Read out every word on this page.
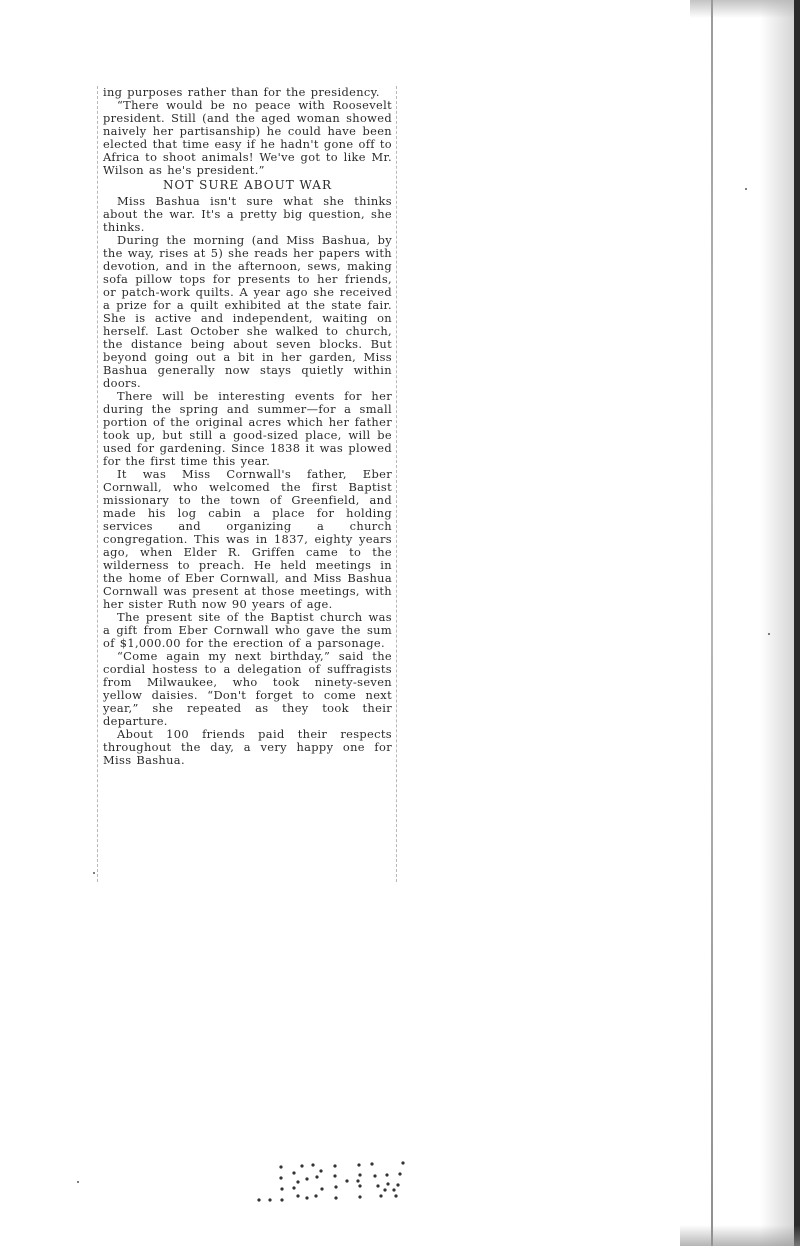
ing purposes rather than for the presidency.

“There would be no peace with Roosevelt president. Still (and the aged woman showed naively her partisanship) he could have been elected that time easy if he hadn't gone off to Africa to shoot animals! We've got to like Mr. Wilson as he's president.”

NOT SURE ABOUT WAR

Miss Bashua isn't sure what she thinks about the war. It's a pretty big question, she thinks.

During the morning (and Miss Bashua, by the way, rises at 5) she reads her papers with devotion, and in the afternoon, sews, making sofa pillow tops for presents to her friends, or patch-work quilts. A year ago she received a prize for a quilt exhibited at the state fair. She is active and independent, waiting on herself. Last October she walked to church, the distance being about seven blocks. But beyond going out a bit in her garden, Miss Bashua generally now stays quietly within doors.

There will be interesting events for her during the spring and summer—for a small portion of the original acres which her father took up, but still a good-sized place, will be used for gardening. Since 1838 it was plowed for the first time this year.

It was Miss Cornwall's father, Eber Cornwall, who welcomed the first Baptist missionary to the town of Greenfield, and made his log cabin a place for holding services and organizing a church congregation. This was in 1837, eighty years ago, when Elder R. Griffen came to the wilderness to preach. He held meetings in the home of Eber Cornwall, and Miss Bashua Cornwall was present at those meetings, with her sister Ruth now 90 years of age.

The present site of the Baptist church was a gift from Eber Cornwall who gave the sum of $1,000.00 for the erection of a parsonage.

“Come again my next birthday,” said the cordial hostess to a delegation of suffragists from Milwaukee, who took ninety-seven yellow daisies. “Don't forget to come next year,” she repeated as they took their departure.

About 100 friends paid their respects throughout the day, a very happy one for Miss Bashua.
